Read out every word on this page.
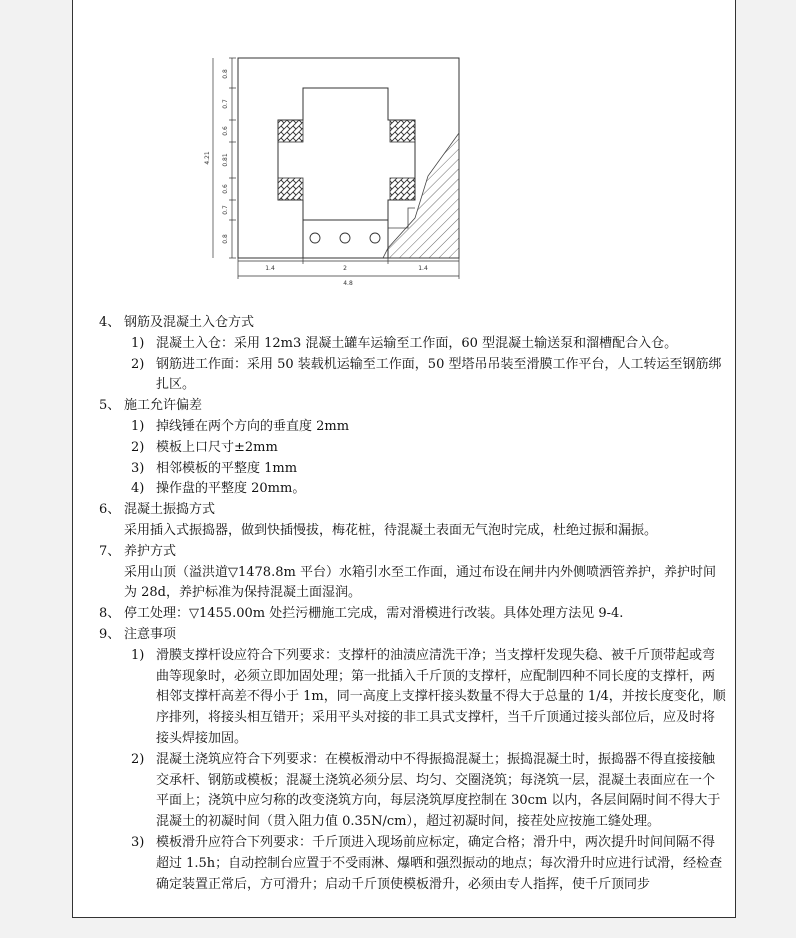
0.8
0.7
0.6
0.81
0.6
0.7
0.8
4.21
1.4	2	1.4
4.8
4、 钢筋及混凝土入仓方式
1) 混凝土入仓：采用 12m3 混凝土罐车运输至工作面，60 型混凝土输送泵和溜槽配合入仓。
2) 钢筋进工作面：采用 50 装载机运输至工作面，50 型塔吊吊装至滑膜工作平台，人工转运至钢筋绑扎区。
5、 施工允许偏差
1) 掉线锤在两个方向的垂直度 2mm
2) 模板上口尺寸±2mm
3) 相邻模板的平整度 1mm
4) 操作盘的平整度 20mm。
6、 混凝土振捣方式
采用插入式振捣器，做到快插慢拔，梅花桩，待混凝土表面无气泡时完成，杜绝过振和漏振。
7、 养护方式
采用山顶（溢洪道▽1478.8m 平台）水箱引水至工作面，通过布设在闸井内外侧喷洒管养护，养护时间为 28d，养护标准为保持混凝土面湿润。
8、 停工处理：▽1455.00m 处拦污栅施工完成，需对滑模进行改装。具体处理方法见 9-4.
9、 注意事项
1) 滑膜支撑杆设应符合下列要求：支撑杆的油渍应清洗干净；当支撑杆发现失稳、被千斤顶带起或弯曲等现象时，必须立即加固处理；第一批插入千斤顶的支撑杆，应配制四种不同长度的支撑杆，两相邻支撑杆高差不得小于 1m，同一高度上支撑杆接头数量不得大于总量的 1/4，并按长度变化，顺序排列，将接头相互错开；采用平头对接的非工具式支撑杆，当千斤顶通过接头部位后，应及时将接头焊接加固。
2) 混凝土浇筑应符合下列要求：在模板滑动中不得振捣混凝土；振捣混凝土时，振捣器不得直接接触交承杆、钢筋或模板；混凝土浇筑必须分层、均匀、交圈浇筑；每浇筑一层，混凝土表面应在一个平面上；浇筑中应匀称的改变浇筑方向，每层浇筑厚度控制在 30cm 以内，各层间隔时间不得大于混凝土的初凝时间（贯入阻力值 0.35N/cm），超过初凝时间，接茬处应按施工缝处理。
3) 模板滑升应符合下列要求：千斤顶进入现场前应标定，确定合格；滑升中，两次提升时间间隔不得超过 1.5h；自动控制台应置于不受雨淋、爆晒和强烈振动的地点；每次滑升时应进行试滑，经检查确定装置正常后，方可滑升；启动千斤顶使模板滑升，必须由专人指挥，使千斤顶同步
